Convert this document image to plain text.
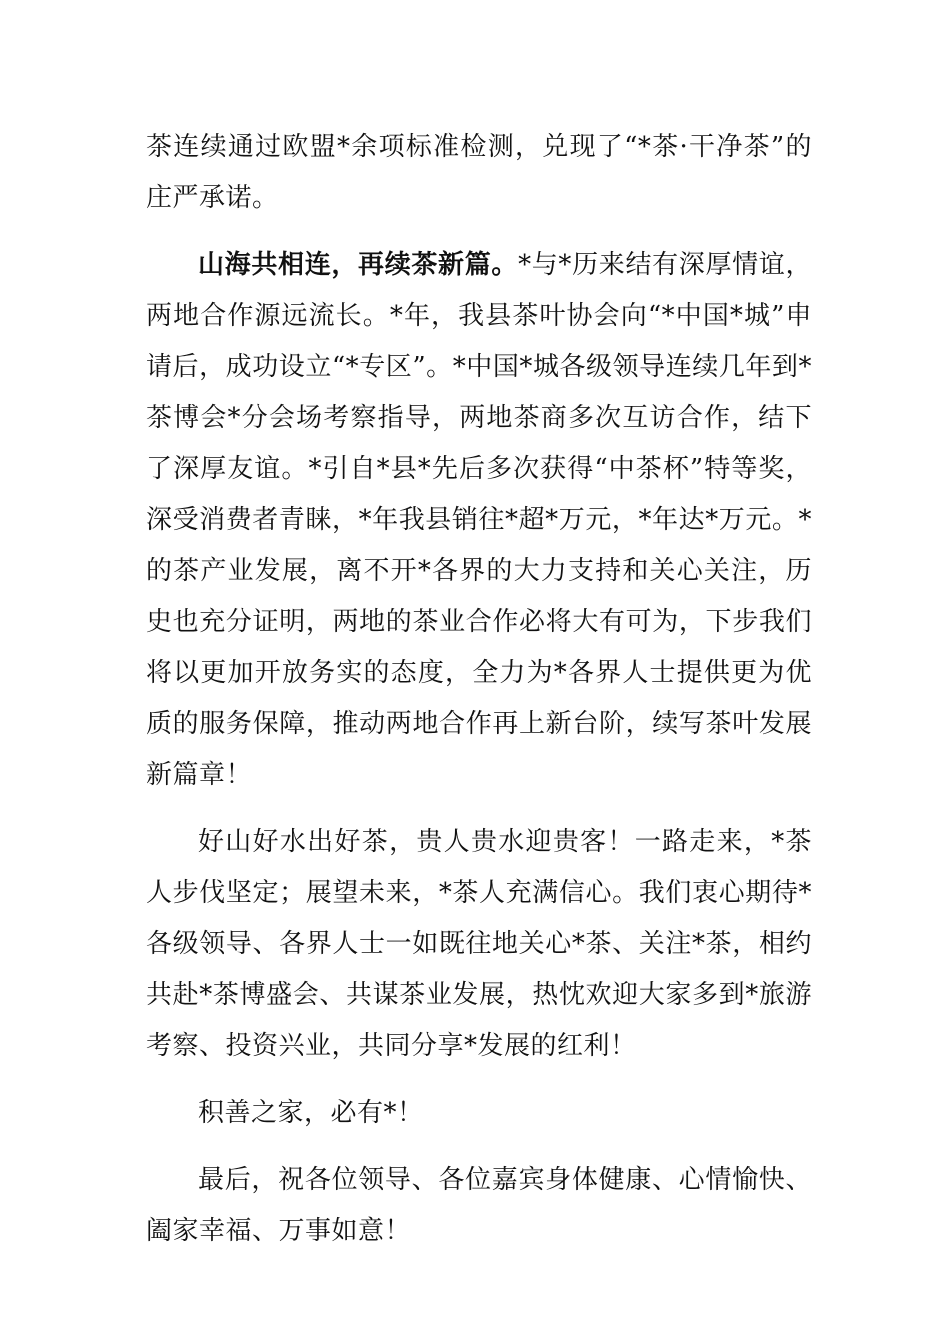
茶连续通过欧盟*余项标准检测，兑现了“*茶·干净茶”的庄严承诺。

山海共相连，再续茶新篇。*与*历来结有深厚情谊，两地合作源远流长。*年，我县茶叶协会向“*中国*城”申请后，成功设立“*专区”。*中国*城各级领导连续几年到*茶博会*分会场考察指导，两地茶商多次互访合作，结下了深厚友谊。*引自*县*先后多次获得“中茶杯”特等奖，深受消费者青睐，*年我县销往*超*万元，*年达*万元。*的茶产业发展，离不开*各界的大力支持和关心关注，历史也充分证明，两地的茶业合作必将大有可为，下步我们将以更加开放务实的态度，全力为*各界人士提供更为优质的服务保障，推动两地合作再上新台阶，续写茶叶发展新篇章！

好山好水出好茶，贵人贵水迎贵客！一路走来，*茶人步伐坚定；展望未来，*茶人充满信心。我们衷心期待*各级领导、各界人士一如既往地关心*茶、关注*茶，相约共赴*茶博盛会、共谋茶业发展，热忱欢迎大家多到*旅游考察、投资兴业，共同分享*发展的红利！

积善之家，必有*！

最后，祝各位领导、各位嘉宾身体健康、心情愉快、阖家幸福、万事如意！
